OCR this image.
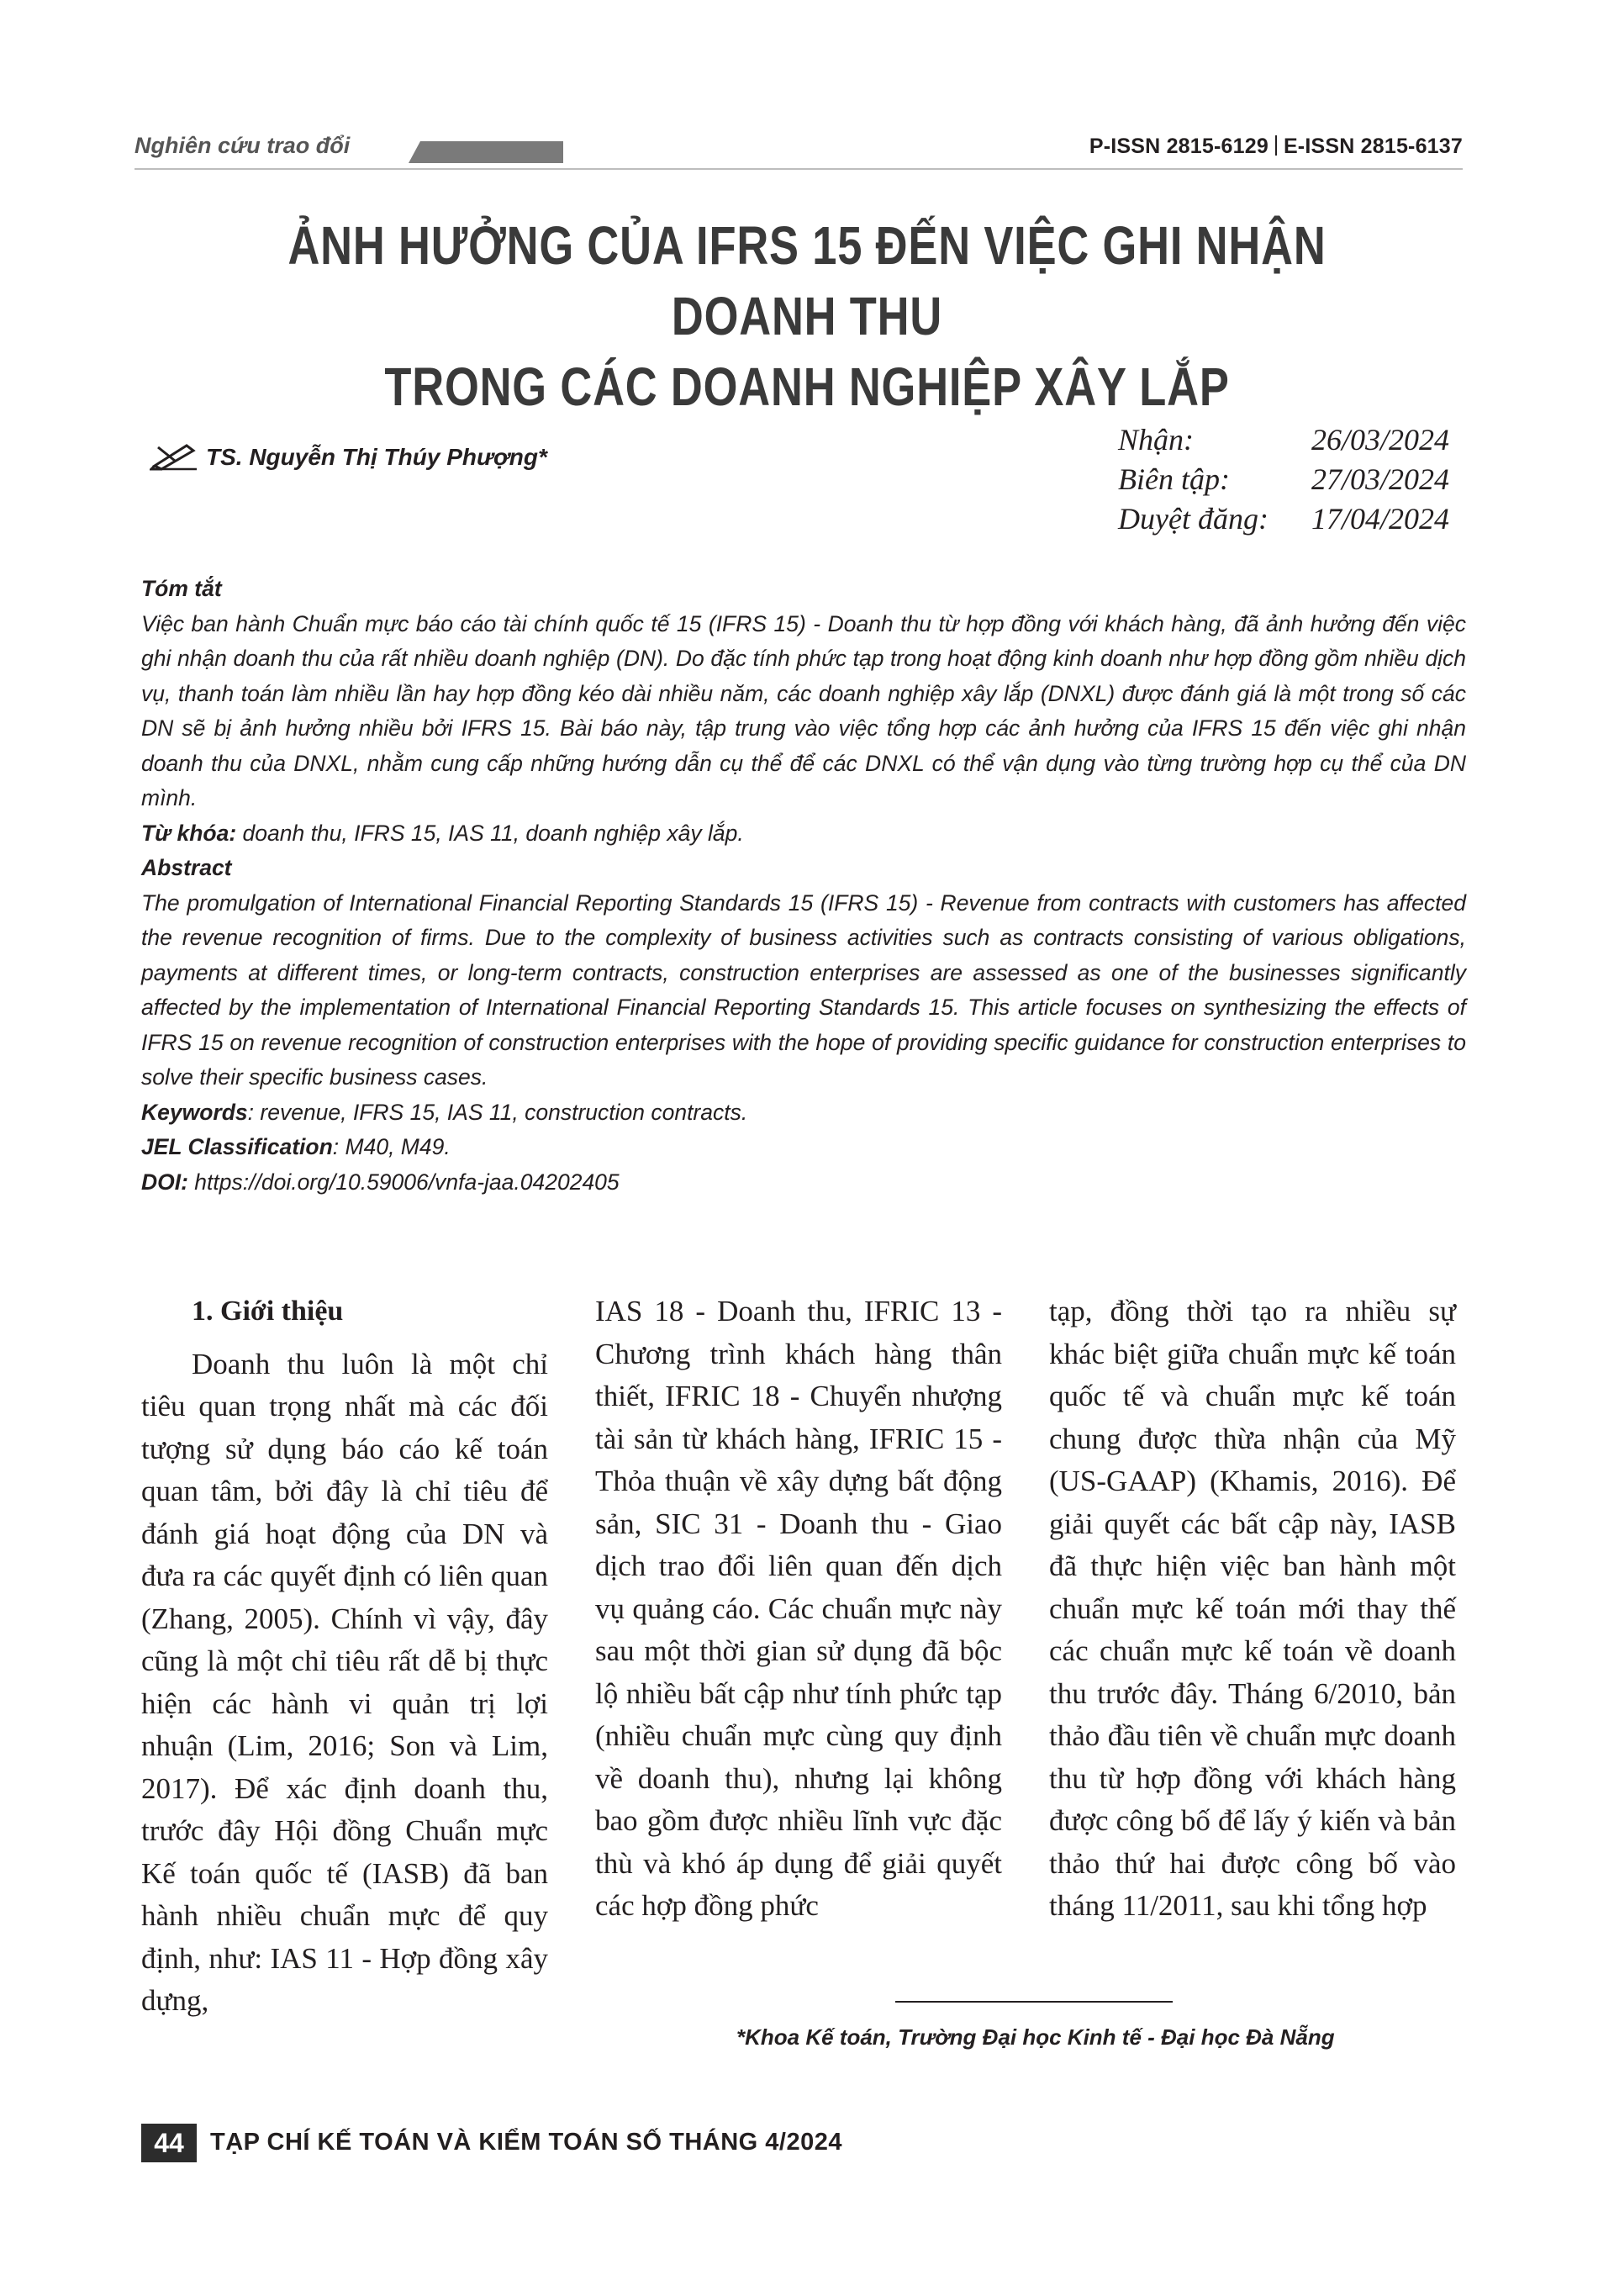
Nghiên cứu trao đổi	P-ISSN 2815-6129 E-ISSN 2815-6137
ẢNH HƯỞNG CỦA IFRS 15 ĐẾN VIỆC GHI NHẬN DOANH THU
TRONG CÁC DOANH NGHIỆP XÂY LẮP
TS. Nguyễn Thị Thúy Phượng*
Nhận:	26/03/2024
Biên tập:	27/03/2024
Duyệt đăng:	17/04/2024
Tóm tắt

Việc ban hành Chuẩn mực báo cáo tài chính quốc tế 15 (IFRS 15) - Doanh thu từ hợp đồng với khách hàng, đã ảnh hưởng đến việc ghi nhận doanh thu của rất nhiều doanh nghiệp (DN). Do đặc tính phức tạp trong hoạt động kinh doanh như hợp đồng gồm nhiều dịch vụ, thanh toán làm nhiều lần hay hợp đồng kéo dài nhiều năm, các doanh nghiệp xây lắp (DNXL) được đánh giá là một trong số các DN sẽ bị ảnh hưởng nhiều bởi IFRS 15. Bài báo này, tập trung vào việc tổng hợp các ảnh hưởng của IFRS 15 đến việc ghi nhận doanh thu của DNXL, nhằm cung cấp những hướng dẫn cụ thể để các DNXL có thể vận dụng vào từng trường hợp cụ thể của DN mình.

Từ khóa: doanh thu, IFRS 15, IAS 11, doanh nghiệp xây lắp.
Abstract

The promulgation of International Financial Reporting Standards 15 (IFRS 15) - Revenue from contracts with customers has affected the revenue recognition of firms. Due to the complexity of business activities such as contracts consisting of various obligations, payments at different times, or long-term contracts, construction enterprises are assessed as one of the businesses significantly affected by the implementation of International Financial Reporting Standards 15. This article focuses on synthesizing the effects of IFRS 15 on revenue recognition of construction enterprises with the hope of providing specific guidance for construction enterprises to solve their specific business cases.

Keywords: revenue, IFRS 15, IAS 11, construction contracts.
JEL Classification: M40, M49.
DOI: https://doi.org/10.59006/vnfa-jaa.04202405
1. Giới thiệu

Doanh thu luôn là một chỉ tiêu quan trọng nhất mà các đối tượng sử dụng báo cáo kế toán quan tâm, bởi đây là chỉ tiêu để đánh giá hoạt động của DN và đưa ra các quyết định có liên quan (Zhang, 2005). Chính vì vậy, đây cũng là một chỉ tiêu rất dễ bị thực hiện các hành vi quản trị lợi nhuận (Lim, 2016; Son và Lim, 2017). Để xác định doanh thu, trước đây Hội đồng Chuẩn mực Kế toán quốc tế (IASB) đã ban hành nhiều chuẩn mực để quy định, như: IAS 11 - Hợp đồng xây dựng,

IAS 18 - Doanh thu, IFRIC 13 - Chương trình khách hàng thân thiết, IFRIC 18 - Chuyển nhượng tài sản từ khách hàng, IFRIC 15 - Thỏa thuận về xây dựng bất động sản, SIC 31 - Doanh thu - Giao dịch trao đổi liên quan đến dịch vụ quảng cáo. Các chuẩn mực này sau một thời gian sử dụng đã bộc lộ nhiều bất cập như tính phức tạp (nhiều chuẩn mực cùng quy định về doanh thu), nhưng lại không bao gồm được nhiều lĩnh vực đặc thù và khó áp dụng để giải quyết các hợp đồng phức

tạp, đồng thời tạo ra nhiều sự khác biệt giữa chuẩn mực kế toán quốc tế và chuẩn mực kế toán chung được thừa nhận của Mỹ (US-GAAP) (Khamis, 2016). Để giải quyết các bất cập này, IASB đã thực hiện việc ban hành một chuẩn mực kế toán mới thay thế các chuẩn mực kế toán về doanh thu trước đây. Tháng 6/2010, bản thảo đầu tiên về chuẩn mực doanh thu từ hợp đồng với khách hàng được công bố để lấy ý kiến và bản thảo thứ hai được công bố vào tháng 11/2011, sau khi tổng hợp

*Khoa Kế toán, Trường Đại học Kinh tế - Đại học Đà Nẵng
44	TẠP CHÍ KẾ TOÁN VÀ KIỂM TOÁN SỐ THÁNG 4/2024
